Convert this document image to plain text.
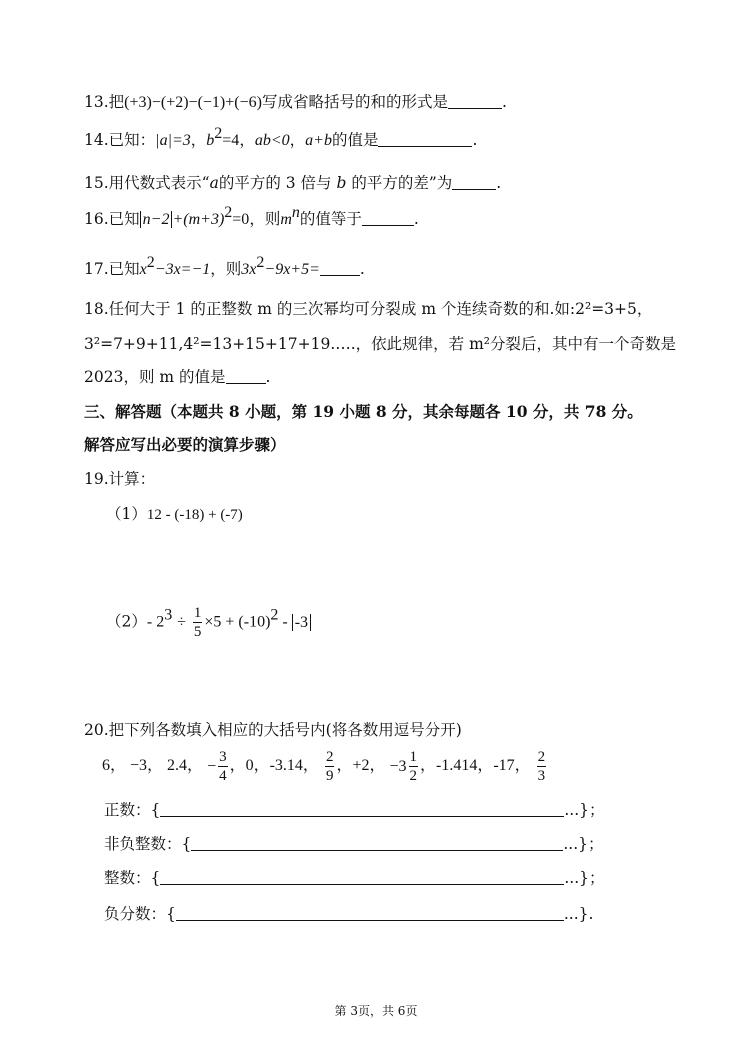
13.把(+3)−(+2)−(−1)+(−6)写成省略括号的和的形式是	.
14.已知：|a|=3，$b^2=4$，ab<0，a+b的值是	.
15.用代数式表示“a的平方的 3 倍与 b 的平方的差”为	.
16.已知 $n-2 +(m+3)^2=0$，则$m^n$的值等于	.
17.已知$x^2-3x=-1$，则$3x^2-9x+5=$	.
18.任何大于 1 的正整数 m 的三次幂均可分裂成 m 个连续奇数的和.如:2²=3+5，
3²=7+9+11,4²=13+15+17+19.….，依此规律，若 m²分裂后，其中有一个奇数是
2023，则 m 的值是	.
三、解答题（本题共 8 小题，第 19 小题 8 分，其余每题各 10 分，共 78 分。
解答应写出必要的演算步骤）
19.计算：
（1）12 - (-18) + (-7)
（2）- $2^3 \div \frac{1}{5} \times 5 + (-10)^2 - -3$
20.把下列各数填入相应的大括号内(将各数用逗号分开)
6， −3， 2.4， − $\frac{3}{4}$ ，0，-3.14， $\frac{2}{9}$ ，+2， $-3 \frac{1}{2}$ ，-1.414，-17， $\frac{2}{3}$
正数：{	...}；
非负整数：{	...}；
整数：{	...}；
负分数：{	...}.
第 3页，共 6页
